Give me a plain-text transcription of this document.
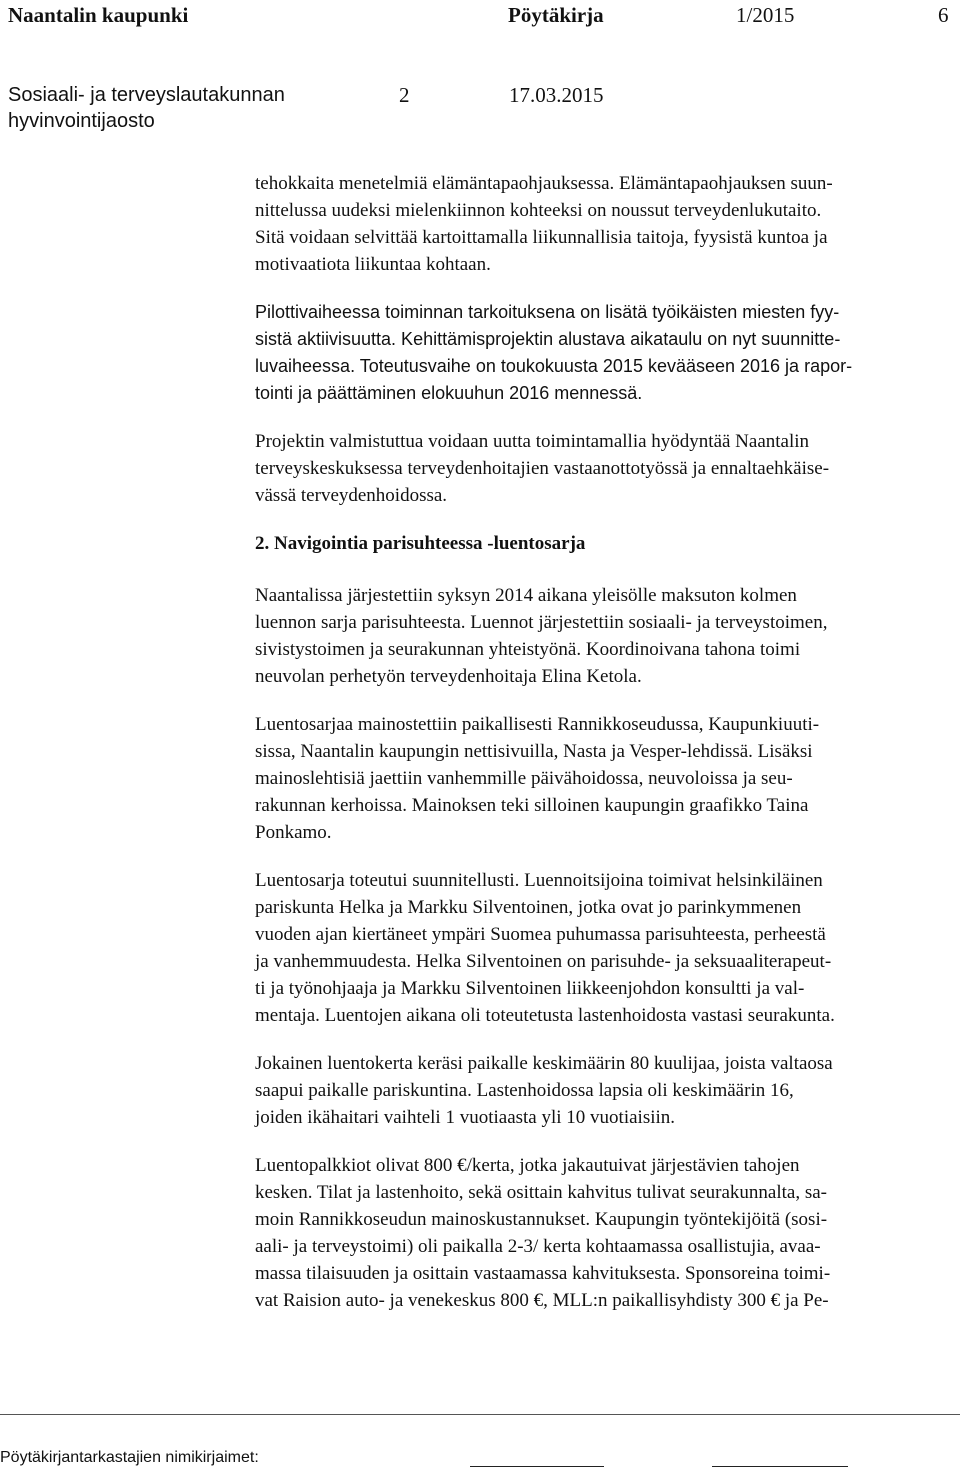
Naantalin kaupunki	Pöytäkirja	1/2015	6
Sosiaali- ja terveyslautakunnan
hyvinvointijaosto
2	17.03.2015

tehokkaita menetelmiä elämäntapaohjauksessa. Elämäntapaohjauksen suun-
nittelussa uudeksi mielenkiinnon kohteeksi on noussut terveydenlukutaito.
Sitä voidaan selvittää kartoittamalla liikunnallisia taitoja, fyysistä kuntoa ja
motivaatiota liikuntaa kohtaan.

Pilottivaiheessa toiminnan tarkoituksena on lisätä työikäisten miesten fyy-
sistä aktiivisuutta. Kehittämisprojektin alustava aikataulu on nyt suunnitte-
luvaiheessa. Toteutusvaihe on toukokuusta 2015 kevääseen 2016 ja rapor-
tointi ja päättäminen elokuuhun 2016 mennessä.

Projektin valmistuttua voidaan uutta toimintamallia hyödyntää Naantalin
terveyskeskuksessa terveydenhoitajien vastaanottotyössä ja ennaltaehkäise-
vässä terveydenhoidossa.

2. Navigointia parisuhteessa -luentosarja

Naantalissa järjestettiin syksyn 2014 aikana yleisölle maksuton kolmen
luennon sarja parisuhteesta. Luennot järjestettiin sosiaali- ja terveystoimen,
sivistystoimen ja seurakunnan yhteistyönä. Koordinoivana tahona toimi
neuvolan perhetyön terveydenhoitaja Elina Ketola.

Luentosarjaa mainostettiin paikallisesti Rannikkoseudussa, Kaupunkiuuti-
sissa, Naantalin kaupungin nettisivuilla, Nasta ja Vesper-lehdissä. Lisäksi
mainoslehtisiä jaettiin vanhemmille päivähoidossa, neuvoloissa ja seu-
rakunnan kerhoissa. Mainoksen teki silloinen kaupungin graafikko Taina
Ponkamo.

Luentosarja toteutui suunnitellusti. Luennoitsijoina toimivat helsinkiläinen
pariskunta Helka ja Markku Silventoinen, jotka ovat jo parinkymmenen
vuoden ajan kiertäneet ympäri Suomea puhumassa parisuhteesta, perheestä
ja vanhemmuudesta. Helka Silventoinen on parisuhde- ja seksuaaliterapeut-
ti ja työnohjaaja ja Markku Silventoinen liikkeenjohdon konsultti ja val-
mentaja. Luentojen aikana oli toteutetusta lastenhoidosta vastasi seurakunta.

Jokainen luentokerta keräsi paikalle keskimäärin 80 kuulijaa, joista valtaosa
saapui paikalle pariskuntina. Lastenhoidossa lapsia oli keskimäärin 16,
joiden ikähaitari vaihteli 1 vuotiaasta yli 10 vuotiaisiin.

Luentopalkkiot olivat 800 €/kerta, jotka jakautuivat järjestävien tahojen
kesken. Tilat ja lastenhoito, sekä osittain kahvitus tulivat seurakunnalta, sa-
moin Rannikkoseudun mainoskustannukset. Kaupungin työntekijöitä (sosi-
aali- ja terveystoimi) oli paikalla 2-3/ kerta kohtaamassa osallistujia, avaa-
massa tilaisuuden ja osittain vastaamassa kahvituksesta. Sponsoreina toimi-
vat Raision auto- ja venekeskus 800 €, MLL:n paikallisyhdisty 300 € ja Pe-

Pöytäkirjantarkastajien nimikirjaimet:
